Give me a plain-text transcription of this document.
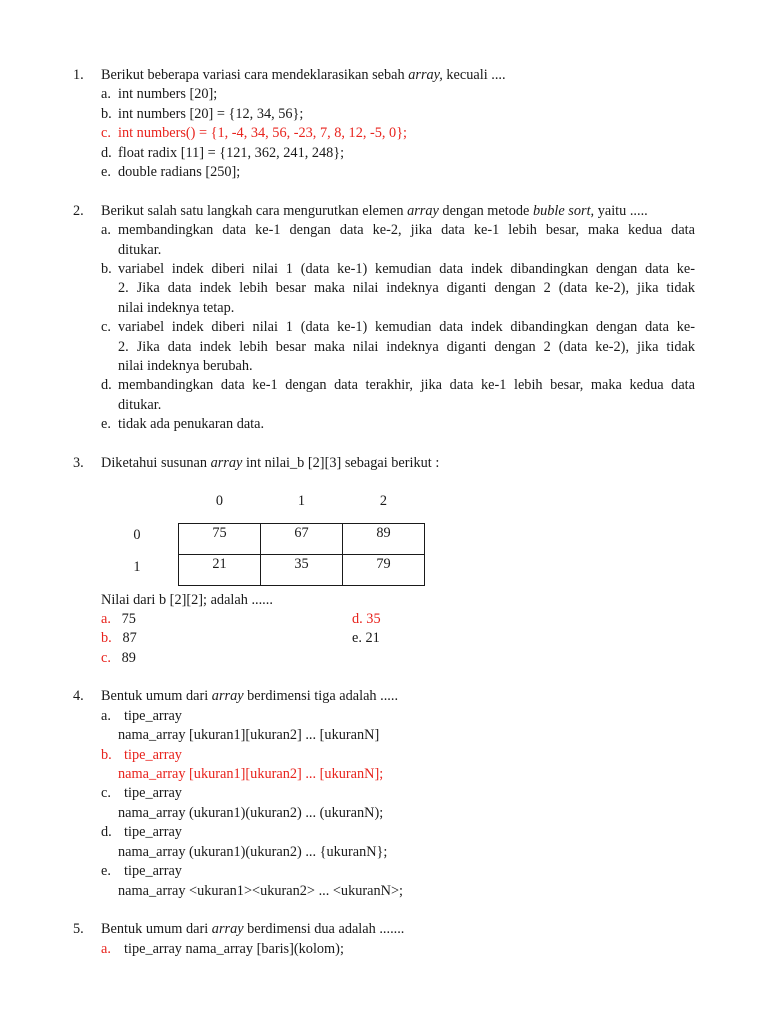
1. Berikut beberapa variasi cara mendeklarasikan sebah array, kecuali ....
a. int numbers [20];
b. int numbers [20] = {12, 34, 56};
c. int numbers() = {1, -4, 34, 56, -23, 7, 8, 12, -5, 0};
d. float radix [11] = {121, 362, 241, 248};
e. double radians [250];
2. Berikut salah satu langkah cara mengurutkan elemen array dengan metode buble sort, yaitu .....
a. membandingkan data ke-1 dengan data ke-2, jika data ke-1 lebih besar, maka kedua data
ditukar.
b. variabel indek diberi nilai 1 (data ke-1) kemudian data indek dibandingkan dengan data ke-
2. Jika data indek lebih besar maka nilai indeknya diganti dengan 2 (data ke-2), jika tidak
nilai indeknya tetap.
c. variabel indek diberi nilai 1 (data ke-1) kemudian data indek dibandingkan dengan data ke-
2. Jika data indek lebih besar maka nilai indeknya diganti dengan 2 (data ke-2), jika tidak
nilai indeknya berubah.
d. membandingkan data ke-1 dengan data terakhir, jika data ke-1 lebih besar, maka kedua data
ditukar.
e. tidak ada penukaran data.
3. Diketahui susunan array int nilai_b [2][3] sebagai berikut :
0	1	2
0
1
75	67	89
21	35	79
Nilai dari b [2][2]; adalah ......
a. 75	d. 35
b. 87	e. 21
c. 89
4. Bentuk umum dari array berdimensi tiga adalah .....
a. tipe_array
nama_array [ukuran1][ukuran2] ... [ukuranN]
b. tipe_array
nama_array [ukuran1][ukuran2] ... [ukuranN];
c. tipe_array
nama_array (ukuran1)(ukuran2) ... (ukuranN);
d. tipe_array
nama_array (ukuran1)(ukuran2) ... {ukuranN};
e. tipe_array
nama_array <ukuran1><ukuran2> ... <ukuranN>;
5. Bentuk umum dari array berdimensi dua adalah .......
a. tipe_array nama_array [baris](kolom);
